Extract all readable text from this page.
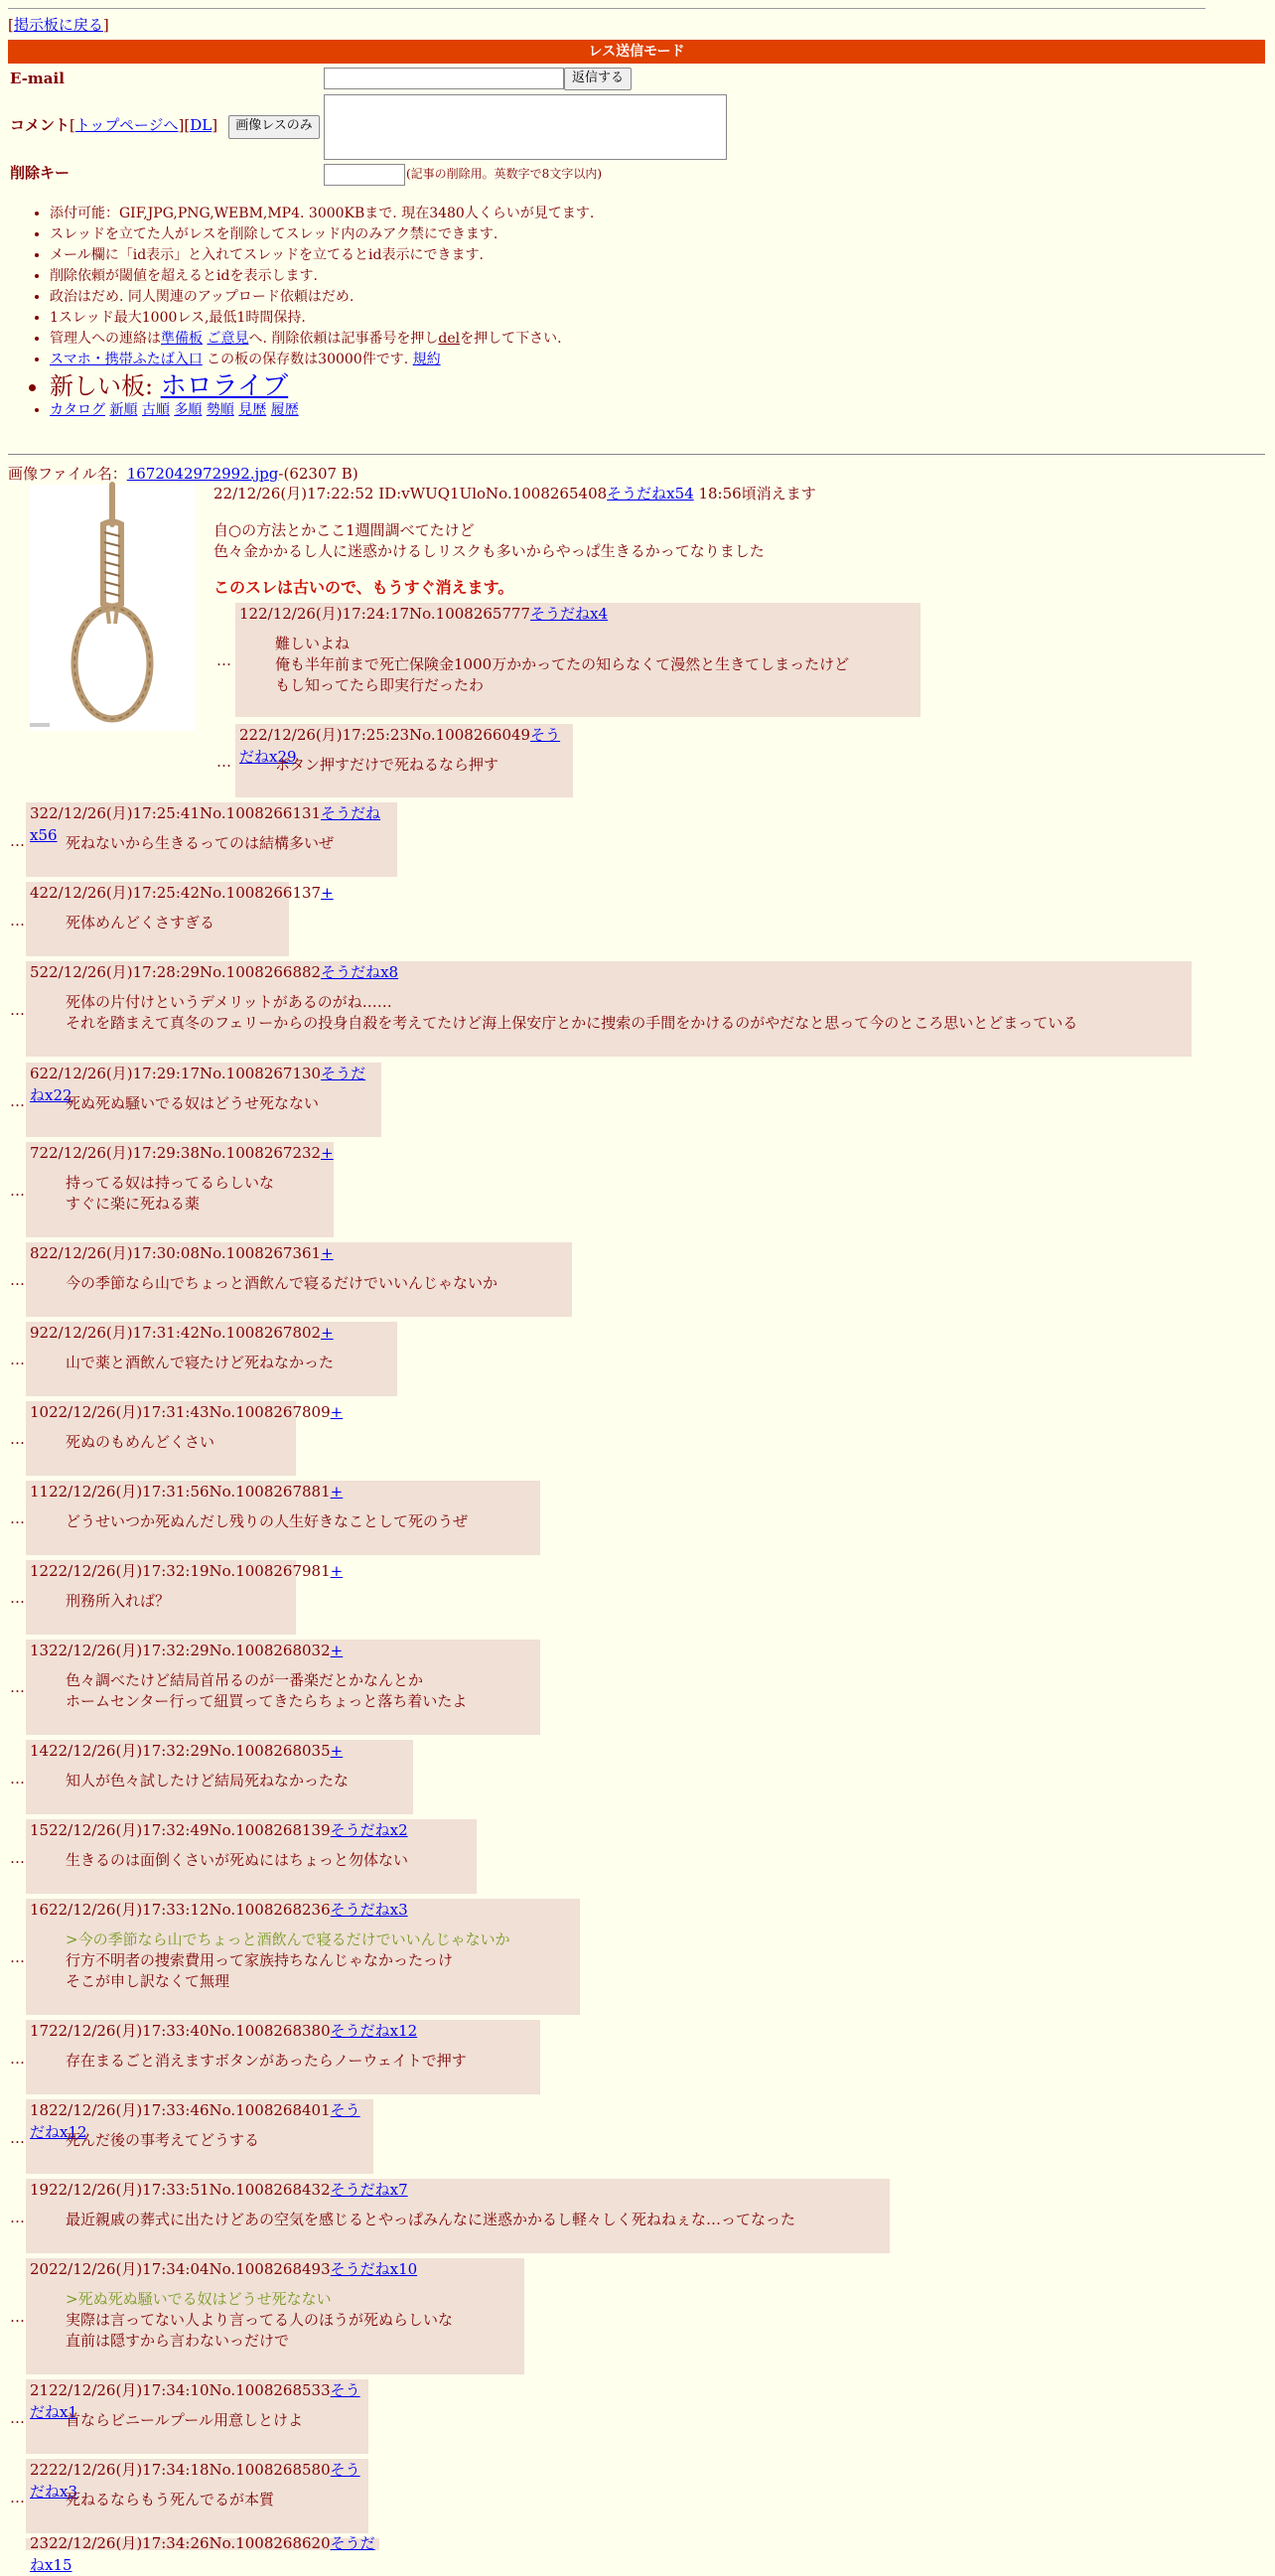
[掲示板に戻る]
レス送信モード
E-mail	返信する
コメント[トップページへ][DL]	画像レスのみ
削除キー	(記事の削除用。英数字で8文字以内)
• 添付可能：GIF,JPG,PNG,WEBM,MP4. 3000KBまで. 現在3480人くらいが見てます.
• スレッドを立てた人がレスを削除してスレッド内のみアク禁にできます.
• メール欄に「id表示」と入れてスレッドを立てるとid表示にできます.
• 削除依頼が閾値を超えるとidを表示します.
• 政治はだめ. 同人関連のアップロード依頼はだめ.
• 1スレッド最大1000レス,最低1時間保持.
• 管理人への連絡は準備板 ご意見へ. 削除依頼は記事番号を押しdelを押して下さい.
• スマホ・携帯ふたば入口 この板の保存数は30000件です. 規約
• 新しい板: ホロライブ
• カタログ 新順 古順 多順 勢順 見歴 履歴
画像ファイル名：1672042972992.jpg-(62307 B)
22/12/26(月)17:22:52 ID:vWUQ1UloNo.1008265408そうだねx54 18:56頃消えます
自○の方法とかここ1週間調べてたけど
色々金かかるし人に迷惑かけるしリスクも多いからやっぱ生きるかってなりました
このスレは古いので、もうすぐ消えます。
…
122/12/26(月)17:24:17No.1008265777そうだねx4
難しいよね
俺も半年前まで死亡保険金1000万かかってたの知らなくて漫然と生きてしまったけど
もし知ってたら即実行だったわ
…
222/12/26(月)17:25:23No.1008266049そうだねx29
ボタン押すだけで死ねるなら押す
…
322/12/26(月)17:25:41No.1008266131そうだねx56 死ねないから生きるってのは結構多いぜ
…
422/12/26(月)17:25:42No.1008266137+
死体めんどくさすぎる
…
522/12/26(月)17:28:29No.1008266882そうだねx8
死体の片付けというデメリットがあるのがね……
それを踏まえて真冬のフェリーからの投身自殺を考えてたけど海上保安庁とかに捜索の手間をかけるのがやだなと思って今のところ思いとどまっている
…
622/12/26(月)17:29:17No.1008267130そうだねx22
死ぬ死ぬ騒いでる奴はどうせ死なない
…
722/12/26(月)17:29:38No.1008267232+
持ってる奴は持ってるらしいな
すぐに楽に死ねる薬
…
822/12/26(月)17:30:08No.1008267361+
今の季節なら山でちょっと酒飲んで寝るだけでいいんじゃないか
…
922/12/26(月)17:31:42No.1008267802+
山で薬と酒飲んで寝たけど死ねなかった
…
1022/12/26(月)17:31:43No.1008267809+
死ぬのもめんどくさい
…
1122/12/26(月)17:31:56No.1008267881+
どうせいつか死ぬんだし残りの人生好きなことして死のうぜ
…
1222/12/26(月)17:32:19No.1008267981+
刑務所入れば？
…
1322/12/26(月)17:32:29No.1008268032+
色々調べたけど結局首吊るのが一番楽だとかなんとか
ホームセンター行って紐買ってきたらちょっと落ち着いたよ
…
1422/12/26(月)17:32:29No.1008268035+
知人が色々試したけど結局死ねなかったな
…
1522/12/26(月)17:32:49No.1008268139そうだねx2
生きるのは面倒くさいが死ぬにはちょっと勿体ない
…
1622/12/26(月)17:33:12No.1008268236そうだねx3
>今の季節なら山でちょっと酒飲んで寝るだけでいいんじゃないか
行方不明者の捜索費用って家族持ちなんじゃなかったっけ
そこが申し訳なくて無理
…
1722/12/26(月)17:33:40No.1008268380そうだねx12
存在まるごと消えますボタンがあったらノーウェイトで押す
…
1822/12/26(月)17:33:46No.1008268401そうだねx12
死んだ後の事考えてどうする
…
1922/12/26(月)17:33:51No.1008268432そうだねx7
最近親戚の葬式に出たけどあの空気を感じるとやっぱみんなに迷惑かかるし軽々しく死ねねぇな…ってなった
…
2022/12/26(月)17:34:04No.1008268493そうだねx10
>死ぬ死ぬ騒いでる奴はどうせ死なない
実際は言ってない人より言ってる人のほうが死ぬらしいな
直前は隠すから言わないっだけで
…
2122/12/26(月)17:34:10No.1008268533そうだねx1
首ならビニールプール用意しとけよ
…
2222/12/26(月)17:34:18No.1008268580そうだねx3
死ねるならもう死んでるが本質
2322/12/26(月)17:34:26No.1008268620そうだねx15
